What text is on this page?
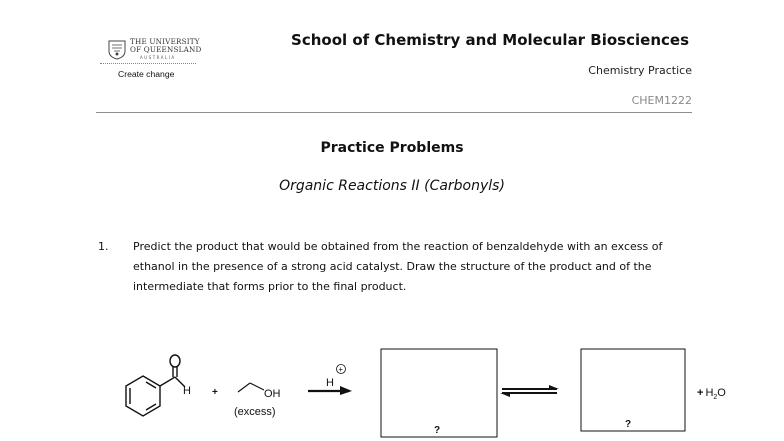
THE UNIVERSITY
OF QUEENSLAND
AUSTRALIA
Create change
School of Chemistry and Molecular Biosciences
Chemistry Practice
CHEM1222
Practice Problems
Organic Reactions II (Carbonyls)
1. Predict the product that would be obtained from the reaction of benzaldehyde with an excess of ethanol in the presence of a strong acid catalyst. Draw the structure of the product and of the intermediate that forms prior to the final product.

H +	OH
(excess)
H
+
?
?
+ $H_2O$
